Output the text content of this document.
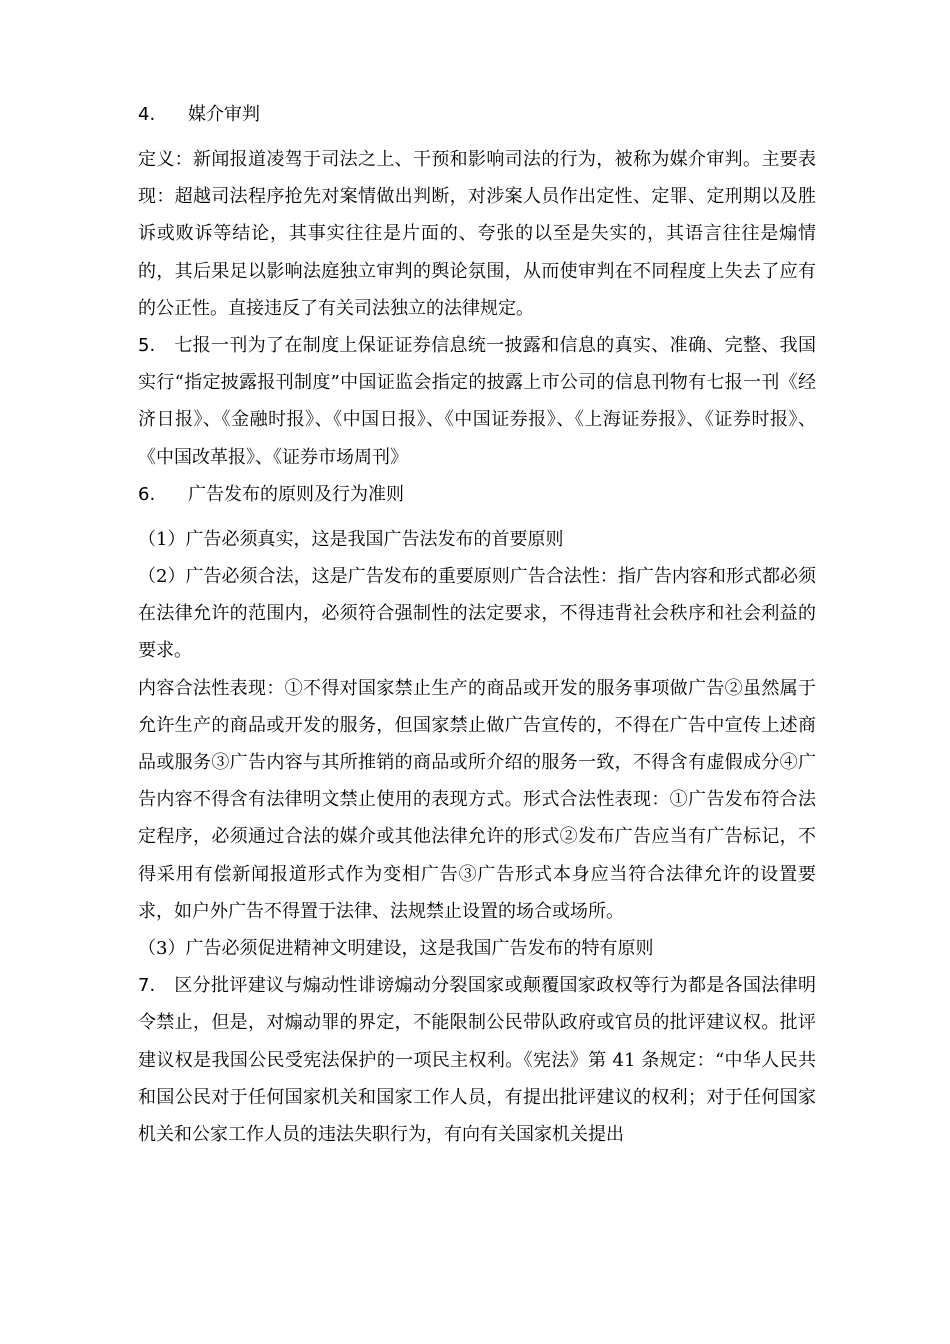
4. 媒介审判

定义：新闻报道凌驾于司法之上、干预和影响司法的行为，被称为媒介审判。主要表现：超越司法程序抢先对案情做出判断，对涉案人员作出定性、定罪、定刑期以及胜诉或败诉等结论，其事实往往是片面的、夸张的以至是失实的，其语言往往是煽情的，其后果足以影响法庭独立审判的舆论氛围，从而使审判在不同程度上失去了应有的公正性。直接违反了有关司法独立的法律规定。

5. 七报一刊为了在制度上保证证券信息统一披露和信息的真实、准确、完整、我国实行“指定披露报刊制度”中国证监会指定的披露上市公司的信息刊物有七报一刊《经济日报》、《金融时报》、《中国日报》、《中国证券报》、《上海证券报》、《证券时报》、《中国改革报》、《证券市场周刊》

6. 广告发布的原则及行为准则

（1）广告必须真实，这是我国广告法发布的首要原则

（2）广告必须合法，这是广告发布的重要原则广告合法性：指广告内容和形式都必须在法律允许的范围内，必须符合强制性的法定要求，不得违背社会秩序和社会利益的要求。

内容合法性表现：①不得对国家禁止生产的商品或开发的服务事项做广告②虽然属于允许生产的商品或开发的服务，但国家禁止做广告宣传的，不得在广告中宣传上述商品或服务③广告内容与其所推销的商品或所介绍的服务一致，不得含有虚假成分④广告内容不得含有法律明文禁止使用的表现方式。形式合法性表现：①广告发布符合法定程序，必须通过合法的媒介或其他法律允许的形式②发布广告应当有广告标记，不得采用有偿新闻报道形式作为变相广告③广告形式本身应当符合法律允许的设置要求，如户外广告不得置于法律、法规禁止设置的场合或场所。

（3）广告必须促进精神文明建设，这是我国广告发布的特有原则

7. 区分批评建议与煽动性诽谤煽动分裂国家或颠覆国家政权等行为都是各国法律明令禁止，但是，对煽动罪的界定，不能限制公民带队政府或官员的批评建议权。批评建议权是我国公民受宪法保护的一项民主权利。《宪法》第 41 条规定：“中华人民共和国公民对于任何国家机关和国家工作人员，有提出批评建议的权利；对于任何国家机关和公家工作人员的违法失职行为，有向有关国家机关提出
